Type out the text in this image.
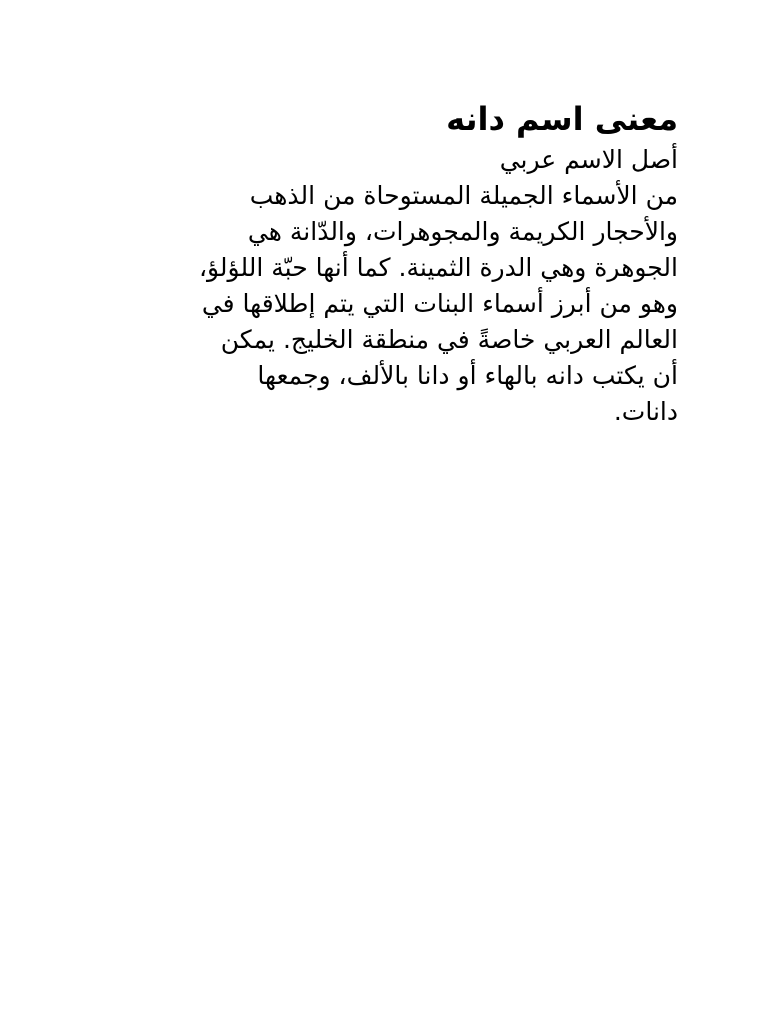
معنى اسم دانه

أصل الاسم عربي

من الأسماء الجميلة المستوحاة من الذهب

والأحجار الكريمة والمجوهرات، والدّانة هي

الجوهرة وهي الدرة الثمينة. كما أنها حبّة اللؤلؤ،

وهو من أبرز أسماء البنات التي يتم إطلاقها في

العالم العربي خاصةً في منطقة الخليج. يمكن

أن يكتب دانه بالهاء أو دانا بالألف، وجمعها

دانات.
